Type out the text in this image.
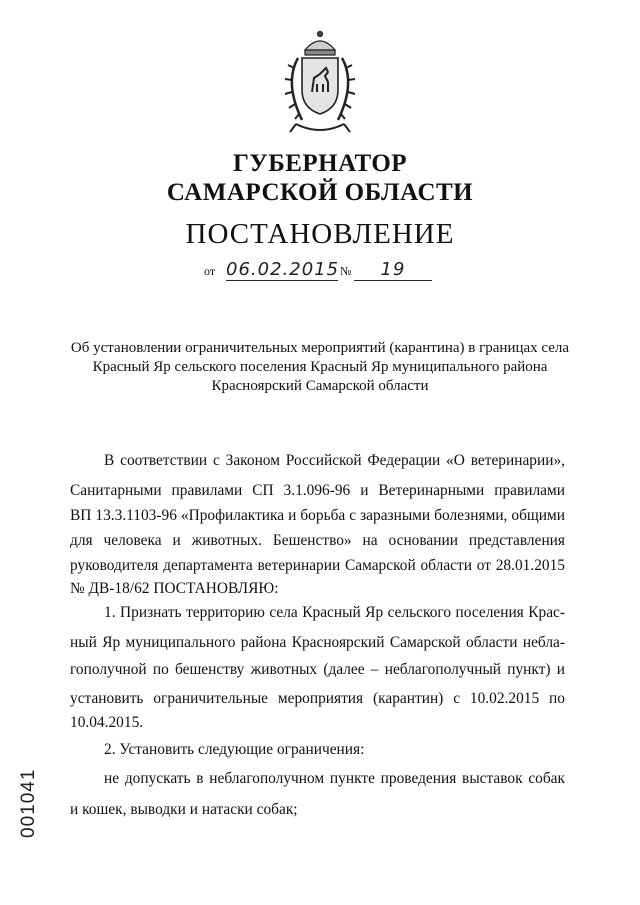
ГУБЕРНАТОР
САМАРСКОЙ ОБЛАСТИ
ПОСТАНОВЛЕНИЕ
от 06.02.2015 №	19
Об установлении ограничительных мероприятий (карантина) в границах села Красный Яр сельского поселения Красный Яр муниципального района Красноярский Самарской области
В соответствии с Законом Российской Федерации «О ветеринарии»,
Санитарными правилами СП 3.1.096-96 и Ветеринарными правилами
ВП 13.3.1103-96 «Профилактика и борьба с заразными болезнями, общими
для человека и животных. Бешенство» на основании представления
руководителя департамента ветеринарии Самарской области от 28.01.2015
№ ДВ-18/62 ПОСТАНОВЛЯЮ:
1. Признать территорию села Красный Яр сельского поселения Крас-
ный Яр муниципального района Красноярский Самарской области небла-
гополучной по бешенству животных (далее – неблагополучный пункт) и
установить ограничительные мероприятия (карантин) с 10.02.2015 по
10.04.2015.
2. Установить следующие ограничения:
не допускать в неблагополучном пункте проведения выставок собак
и кошек, выводки и натаски собак;
001041
